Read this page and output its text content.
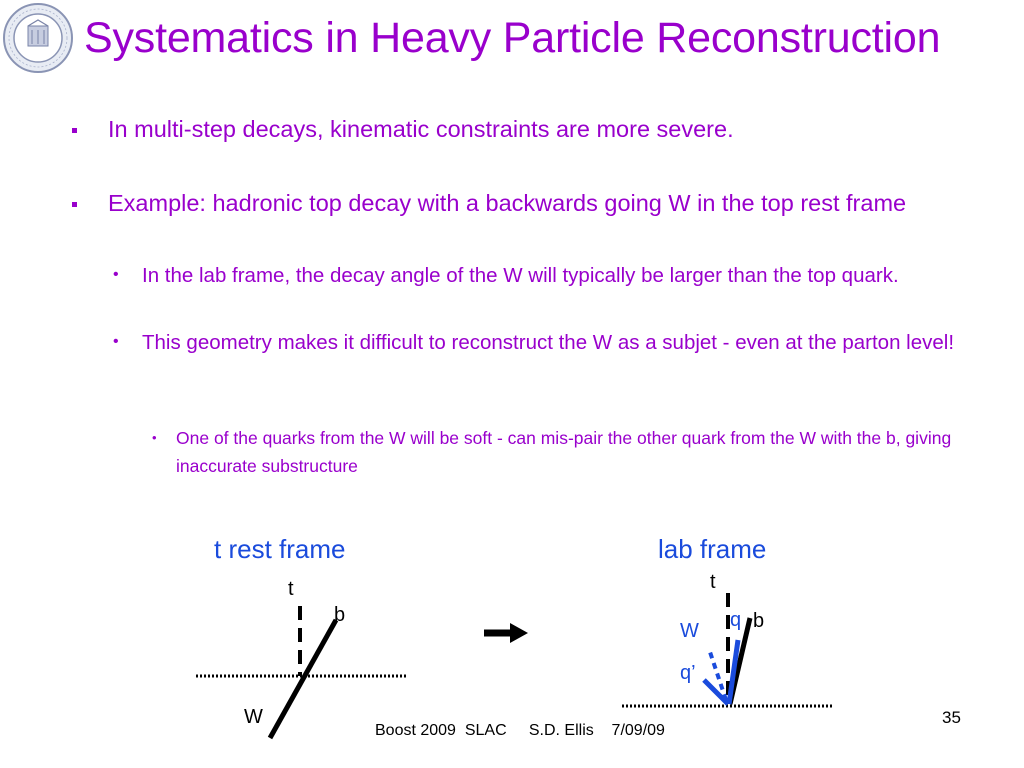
Systematics in Heavy Particle Reconstruction
In multi-step decays, kinematic constraints are more severe.
Example: hadronic top decay with a backwards going W in the top rest frame
• In the lab frame, the decay angle of the W will typically be larger than the top quark.
• This geometry makes it difficult to reconstruct the W as a subjet - even at the parton level!
• One of the quarks from the W will be soft - can mis-pair the other quark from the W with the b, giving inaccurate substructure
t rest frame	lab frame
t
b
W
t
q b
W
q’
Boost 2009  SLAC     S.D. Ellis    7/09/09
35
